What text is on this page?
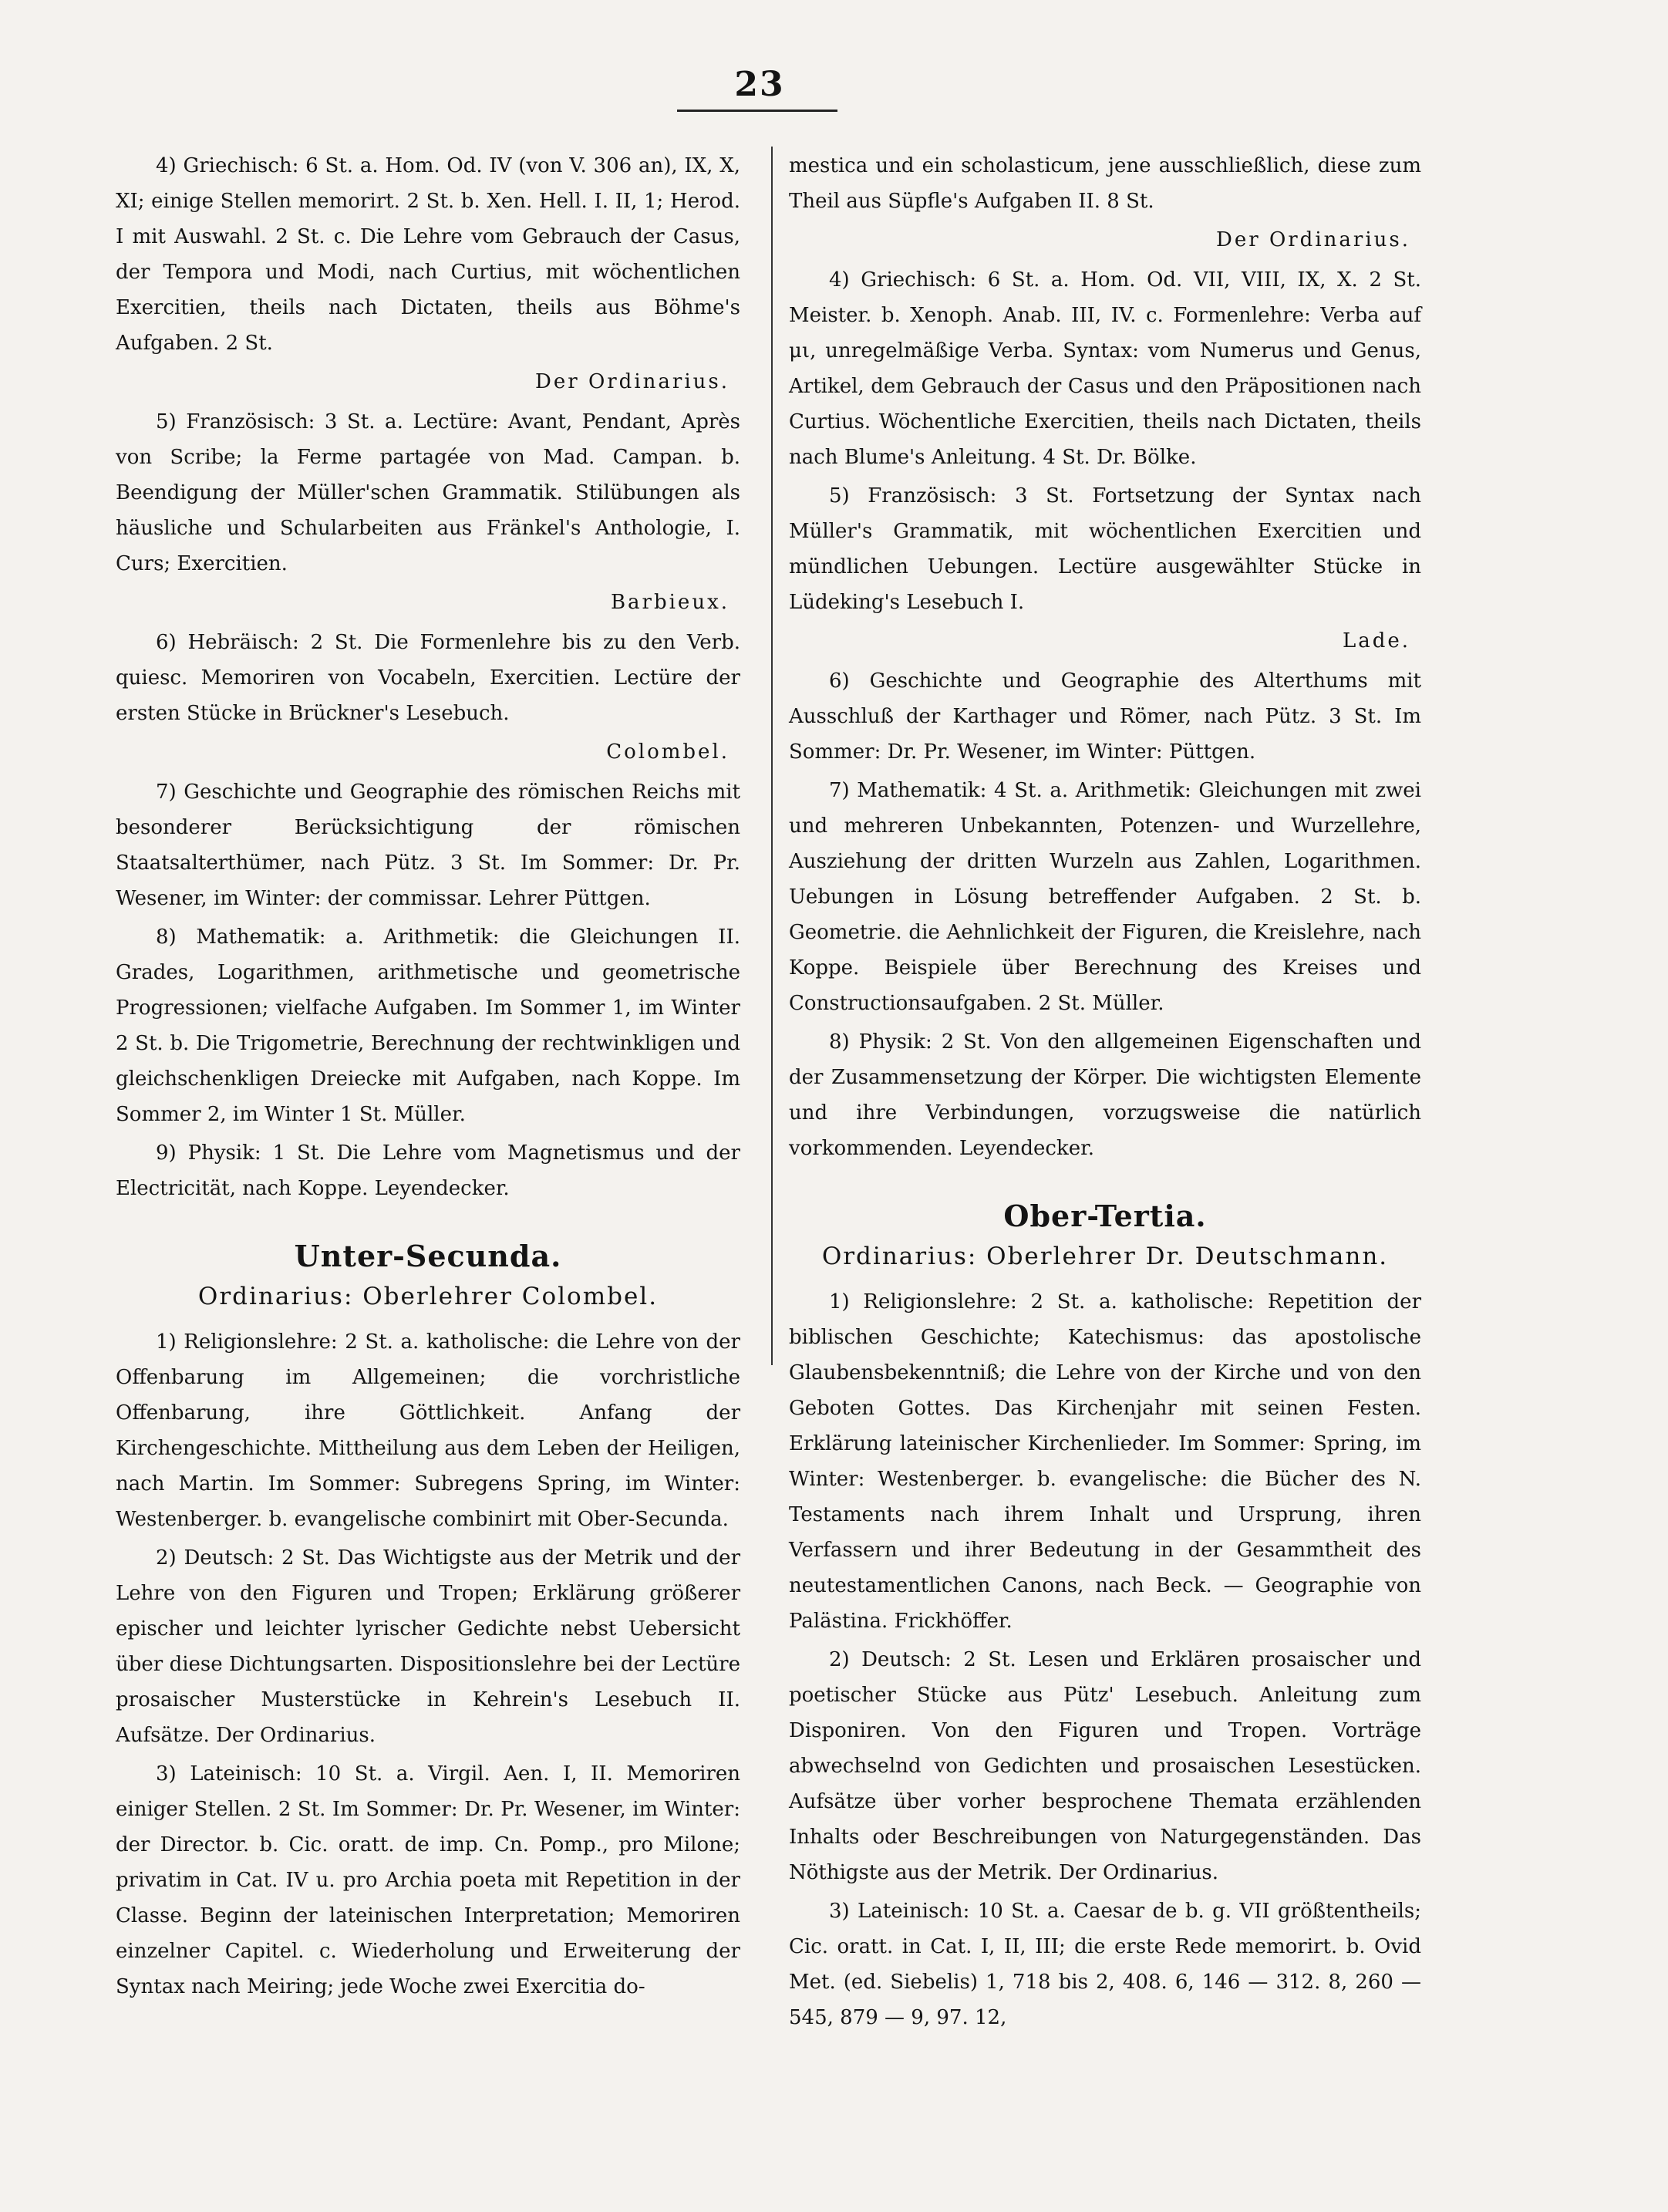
23

4) Griechisch: 6 St. a. Hom. Od. IV (von V. 306 an), IX, X, XI; einige Stellen memorirt. 2 St. b. Xen. Hell. I. II, 1; Herod. I mit Auswahl. 2 St. c. Die Lehre vom Gebrauch der Casus, der Tempora und Modi, nach Curtius, mit wöchentlichen Exercitien, theils nach Dictaten, theils aus Böhme's Aufgaben. 2 St.

Der Ordinarius.

5) Französisch: 3 St. a. Lectüre: Avant, Pendant, Après von Scribe; la Ferme partagée von Mad. Campan. b. Beendigung der Müller'schen Grammatik. Stilübungen als häusliche und Schularbeiten aus Fränkel's Anthologie, I. Curs; Exercitien.

Barbieux.

6) Hebräisch: 2 St. Die Formenlehre bis zu den Verb. quiesc. Memoriren von Vocabeln, Exercitien. Lectüre der ersten Stücke in Brückner's Lesebuch.

Colombel.

7) Geschichte und Geographie des römischen Reichs mit besonderer Berücksichtigung der römischen Staatsalterthümer, nach Pütz. 3 St. Im Sommer: Dr. Pr. Wesener, im Winter: der commissar. Lehrer Püttgen.

8) Mathematik: a. Arithmetik: die Gleichungen II. Grades, Logarithmen, arithmetische und geometrische Progressionen; vielfache Aufgaben. Im Sommer 1, im Winter 2 St. b. Die Trigometrie, Berechnung der rechtwinkligen und gleichschenkligen Dreiecke mit Aufgaben, nach Koppe. Im Sommer 2, im Winter 1 St. Müller.

9) Physik: 1 St. Die Lehre vom Magnetismus und der Electricität, nach Koppe. Leyendecker.

Unter-Secunda.
Ordinarius: Oberlehrer Colombel.

1) Religionslehre: 2 St. a. katholische: die Lehre von der Offenbarung im Allgemeinen; die vorchristliche Offenbarung, ihre Göttlichkeit. Anfang der Kirchengeschichte. Mittheilung aus dem Leben der Heiligen, nach Martin. Im Sommer: Subregens Spring, im Winter: Westenberger. b. evangelische combinirt mit Ober-Secunda.

2) Deutsch: 2 St. Das Wichtigste aus der Metrik und der Lehre von den Figuren und Tropen; Erklärung größerer epischer und leichter lyrischer Gedichte nebst Uebersicht über diese Dichtungsarten. Dispositionslehre bei der Lectüre prosaischer Musterstücke in Kehrein's Lesebuch II. Aufsätze. Der Ordinarius.

3) Lateinisch: 10 St. a. Virgil. Aen. I, II. Memoriren einiger Stellen. 2 St. Im Sommer: Dr. Pr. Wesener, im Winter: der Director. b. Cic. oratt. de imp. Cn. Pomp., pro Milone; privatim in Cat. IV u. pro Archia poeta mit Repetition in der Classe. Beginn der lateinischen Interpretation; Memoriren einzelner Capitel. c. Wiederholung und Erweiterung der Syntax nach Meiring; jede Woche zwei Exercitia do-

mestica und ein scholasticum, jene ausschließlich, diese zum Theil aus Süpfle's Aufgaben II. 8 St.

Der Ordinarius.

4) Griechisch: 6 St. a. Hom. Od. VII, VIII, IX, X. 2 St. Meister. b. Xenoph. Anab. III, IV. c. Formenlehre: Verba auf μι, unregelmäßige Verba. Syntax: vom Numerus und Genus, Artikel, dem Gebrauch der Casus und den Präpositionen nach Curtius. Wöchentliche Exercitien, theils nach Dictaten, theils nach Blume's Anleitung. 4 St. Dr. Bölke.

5) Französisch: 3 St. Fortsetzung der Syntax nach Müller's Grammatik, mit wöchentlichen Exercitien und mündlichen Uebungen. Lectüre ausgewählter Stücke in Lüdeking's Lesebuch I.

Lade.

6) Geschichte und Geographie des Alterthums mit Ausschluß der Karthager und Römer, nach Pütz. 3 St. Im Sommer: Dr. Pr. Wesener, im Winter: Püttgen.

7) Mathematik: 4 St. a. Arithmetik: Gleichungen mit zwei und mehreren Unbekannten, Potenzen- und Wurzellehre, Ausziehung der dritten Wurzeln aus Zahlen, Logarithmen. Uebungen in Lösung betreffender Aufgaben. 2 St. b. Geometrie. die Aehnlichkeit der Figuren, die Kreislehre, nach Koppe. Beispiele über Berechnung des Kreises und Constructionsaufgaben. 2 St. Müller.

8) Physik: 2 St. Von den allgemeinen Eigenschaften und der Zusammensetzung der Körper. Die wichtigsten Elemente und ihre Verbindungen, vorzugsweise die natürlich vorkommenden. Leyendecker.

Ober-Tertia.
Ordinarius: Oberlehrer Dr. Deutschmann.

1) Religionslehre: 2 St. a. katholische: Repetition der biblischen Geschichte; Katechismus: das apostolische Glaubensbekenntniß; die Lehre von der Kirche und von den Geboten Gottes. Das Kirchenjahr mit seinen Festen. Erklärung lateinischer Kirchenlieder. Im Sommer: Spring, im Winter: Westenberger. b. evangelische: die Bücher des N. Testaments nach ihrem Inhalt und Ursprung, ihren Verfassern und ihrer Bedeutung in der Gesammtheit des neutestamentlichen Canons, nach Beck. — Geographie von Palästina. Frickhöffer.

2) Deutsch: 2 St. Lesen und Erklären prosaischer und poetischer Stücke aus Pütz' Lesebuch. Anleitung zum Disponiren. Von den Figuren und Tropen. Vorträge abwechselnd von Gedichten und prosaischen Lesestücken. Aufsätze über vorher besprochene Themata erzählenden Inhalts oder Beschreibungen von Naturgegenständen. Das Nöthigste aus der Metrik. Der Ordinarius.

3) Lateinisch: 10 St. a. Caesar de b. g. VII größtentheils; Cic. oratt. in Cat. I, II, III; die erste Rede memorirt. b. Ovid Met. (ed. Siebelis) 1, 718 bis 2, 408. 6, 146 — 312. 8, 260 — 545, 879 — 9, 97. 12,
